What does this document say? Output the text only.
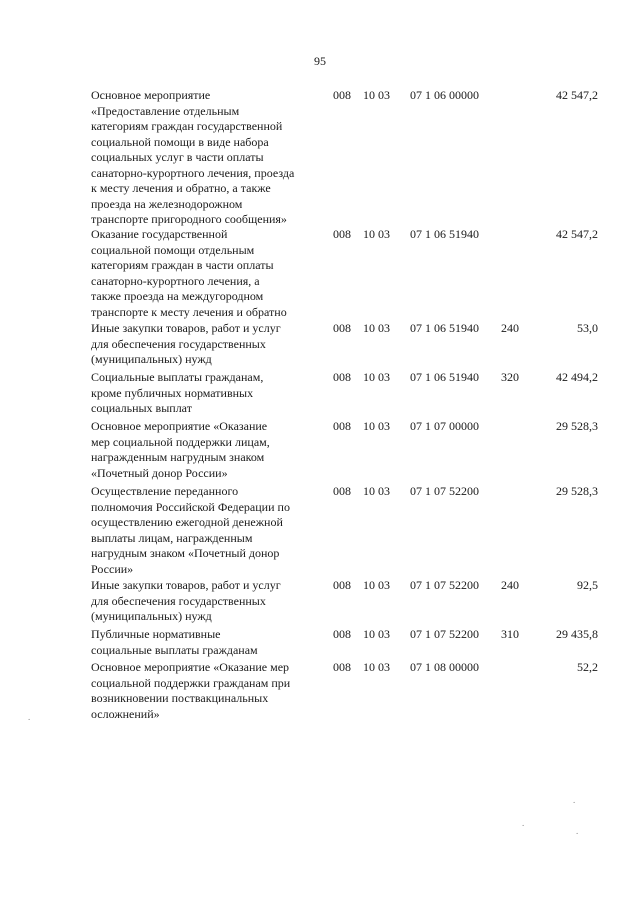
95
Основное мероприятие
«Предоставление отдельным
категориям граждан государственной
социальной помощи в виде набора
социальных услуг в части оплаты
санаторно-курортного лечения, проезда
к месту лечения и обратно, а также
проезда на железнодорожном
транспорте пригородного сообщения»
008 10 03 07 1 06 00000	42 547,2
Оказание государственной
социальной помощи отдельным
категориям граждан в части оплаты
санаторно-курортного лечения, а
также проезда на междугородном
транспорте к месту лечения и обратно
008 10 03 07 1 06 51940	42 547,2
Иные закупки товаров, работ и услуг
для обеспечения государственных
(муниципальных) нужд
008 10 03 07 1 06 51940 240	53,0
Социальные выплаты гражданам,
кроме публичных нормативных
социальных выплат
008 10 03 07 1 06 51940 320	42 494,2
Основное мероприятие «Оказание
мер социальной поддержки лицам,
награжденным нагрудным знаком
«Почетный донор России»
008 10 03 07 1 07 00000	29 528,3
Осуществление переданного
полномочия Российской Федерации по
осуществлению ежегодной денежной
выплаты лицам, награжденным
нагрудным знаком «Почетный донор
России»
008 10 03 07 1 07 52200	29 528,3
Иные закупки товаров, работ и услуг
для обеспечения государственных
(муниципальных) нужд
008 10 03 07 1 07 52200 240	92,5
Публичные нормативные
социальные выплаты гражданам
008 10 03 07 1 07 52200 310	29 435,8
Основное мероприятие «Оказание мер
социальной поддержки гражданам при
возникновении поствакцинальных
осложнений»
008 10 03 07 1 08 00000	52,2
.
.
.
.
